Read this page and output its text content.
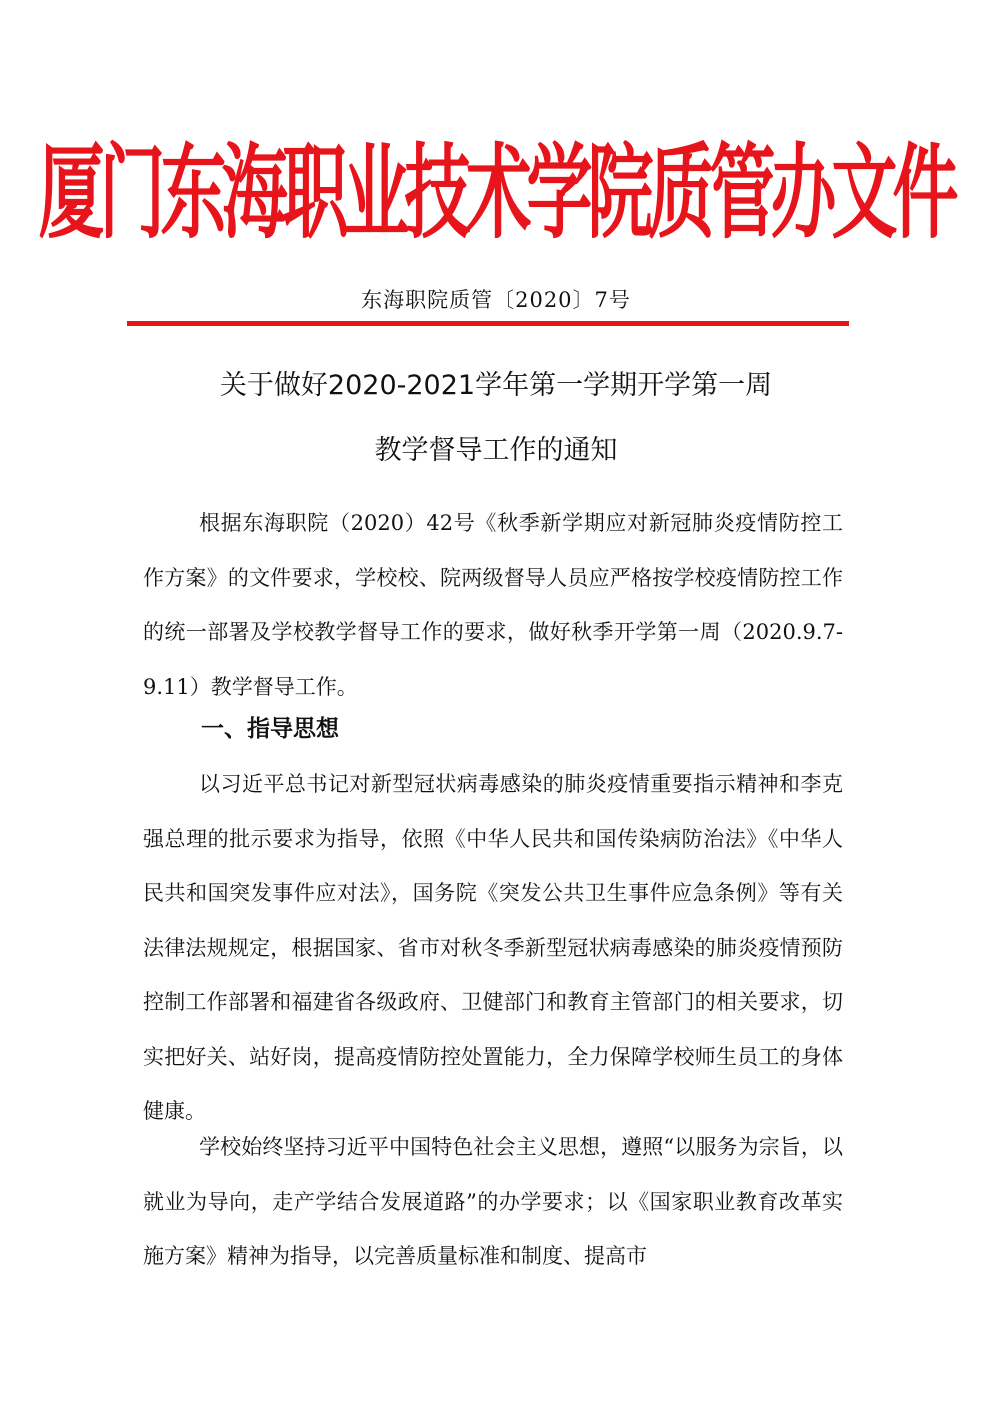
厦门东海职业技术学院质管办文件
东海职院质管〔2020〕7号
关于做好2020-2021学年第一学期开学第一周
教学督导工作的通知

根据东海职院（2020）42号《秋季新学期应对新冠肺炎疫情防控工作方案》的文件要求，学校校、院两级督导人员应严格按学校疫情防控工作的统一部署及学校教学督导工作的要求，做好秋季开学第一周（2020.9.7-9.11）教学督导工作。

一、指导思想

以习近平总书记对新型冠状病毒感染的肺炎疫情重要指示精神和李克强总理的批示要求为指导，依照《中华人民共和国传染病防治法》《中华人民共和国突发事件应对法》，国务院《突发公共卫生事件应急条例》等有关法律法规规定，根据国家、省市对秋冬季新型冠状病毒感染的肺炎疫情预防控制工作部署和福建省各级政府、卫健部门和教育主管部门的相关要求，切实把好关、站好岗，提高疫情防控处置能力，全力保障学校师生员工的身体健康。

学校始终坚持习近平中国特色社会主义思想，遵照“以服务为宗旨，以就业为导向，走产学结合发展道路”的办学要求；以《国家职业教育改革实施方案》精神为指导，以完善质量标准和制度、提高市
